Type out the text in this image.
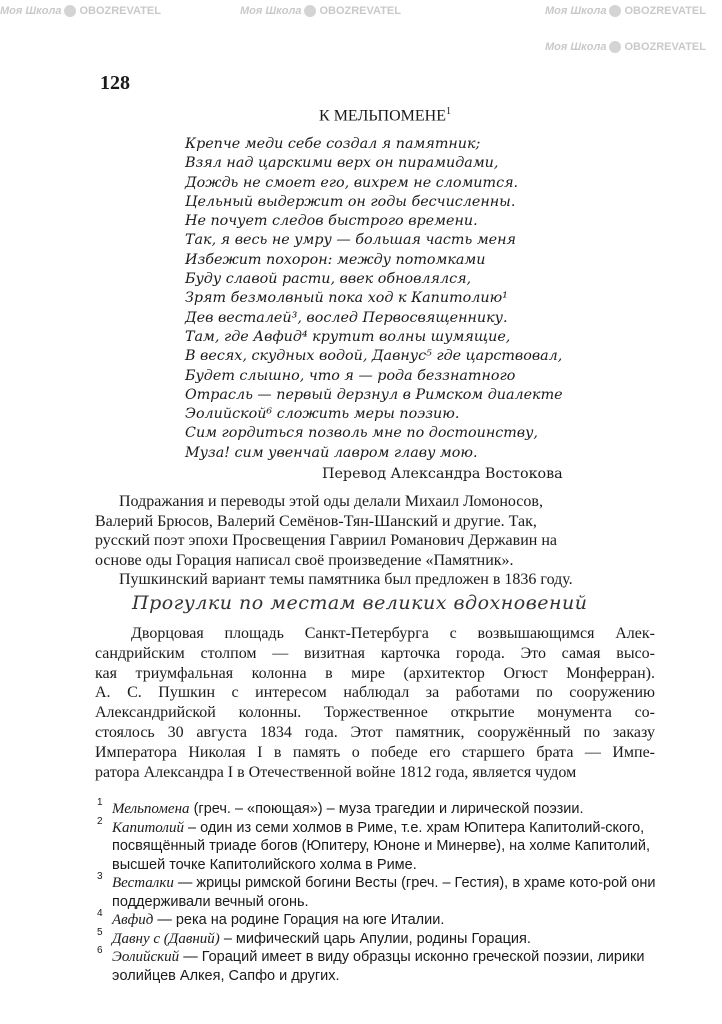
128
К МЕЛЬПОМЕНЕ$^1$
Крепче меди себе создал я памятник;
Взял над царскими верх он пирамидами,
Дождь не смоет его, вихрем не сломится.
Цельный выдержит он годы бесчисленны.
Не почует следов быстрого времени.
Так, я весь не умру — большая часть меня
Избежит похорон: между потомками
Буду славой расти, ввек обновлялся,
Зрят безмолвный пока ход к Капитолию¹
Дев весталей³, вослед Первосвященнику.
Там, где Авфид⁴ крутит волны шумящие,
В весях, скудных водой, Давнус⁵ где царствовал,
Будет слышно, что я — рода беззнатного
Отрасль — первый дерзнул в Римском диалекте
Эолийской⁶ сложить меры поэзию.
Сим гордиться позволь мне по достоинству,
Муза! сим увенчай лавром главу мою.
Перевод Александра Востокова
Подражания и переводы этой оды делали Михаил Ломоносов,
Валерий Брюсов, Валерий Семёнов-Тян-Шанский и другие. Так,
русский поэт эпохи Просвещения Гавриил Романович Державин на
основе оды Горация написал своё произведение «Памятник».
Пушкинский вариант темы памятника был предложен в 1836 году.
Прогулки по местам великих вдохновений
Дворцовая площадь Санкт-Петербурга с возвышающимся Алек-
сандрийским столпом — визитная карточка города. Это самая высо-
кая триумфальная колонна в мире (архитектор Огюст Монферран).
А. С. Пушкин с интересом наблюдал за работами по сооружению
Александрийской колонны. Торжественное открытие монумента со-
стоялось 30 августа 1834 года. Этот памятник, сооружённый по заказу
Императора Николая I в память о победе его старшего брата — Импе-
ратора Александра I в Отечественной войне 1812 года, является чудом
1 Мельпомена (греч. – «поющая») – муза трагедии и лирической поэзии.
2 Капитолий – один из семи холмов в Риме, т.е. храм Юпитера Капитолий-ского, посвящённый триаде богов (Юпитеру, Юноне и Минерве), на холме Капитолий, высшей точке Капитолийского холма в Риме.
3 Весталки — жрицы римской богини Весты (греч. – Гестия), в храме кото-рой они поддерживали вечный огонь.
4 Авфид — река на родине Горация на юге Италии.
5 Давну с (Давний) – мифический царь Апулии, родины Горация.
6 Эолийский — Гораций имеет в виду образцы исконно греческой поэзии, лирики эолийцев Алкея, Сапфо и других.
Моя Школа OBOZREVATEL	Моя Школа OBOZREVATEL	Моя Школа OBOZREVATEL
Моя Школа OBOZREVATEL
